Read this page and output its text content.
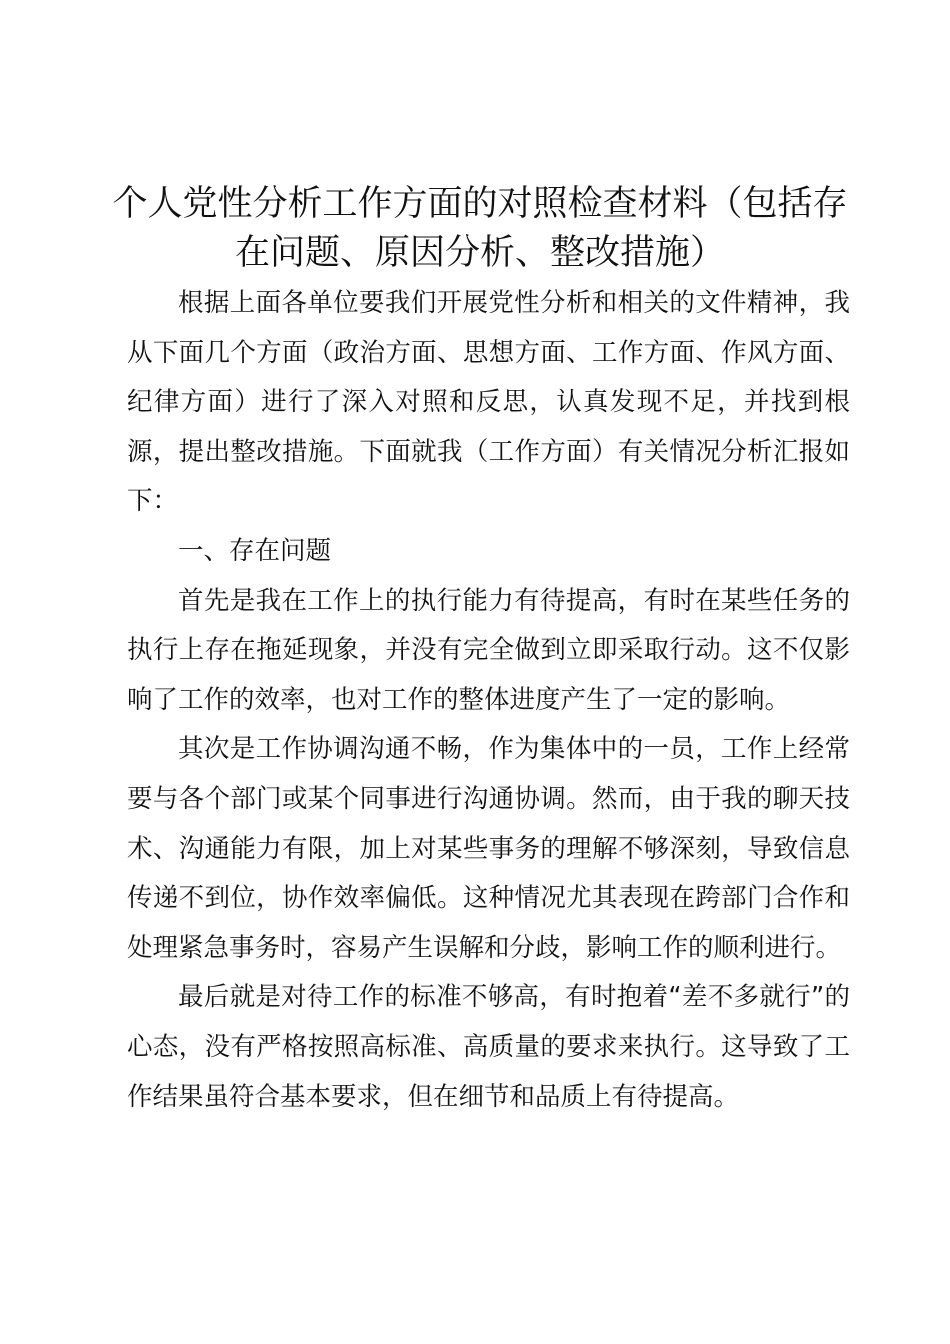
个人党性分析工作方面的对照检查材料（包括存在问题、原因分析、整改措施）

根据上面各单位要我们开展党性分析和相关的文件精神，我从下面几个方面（政治方面、思想方面、工作方面、作风方面、纪律方面）进行了深入对照和反思，认真发现不足，并找到根源，提出整改措施。下面就我（工作方面）有关情况分析汇报如下：

一、存在问题

首先是我在工作上的执行能力有待提高，有时在某些任务的执行上存在拖延现象，并没有完全做到立即采取行动。这不仅影响了工作的效率，也对工作的整体进度产生了一定的影响。

其次是工作协调沟通不畅，作为集体中的一员，工作上经常要与各个部门或某个同事进行沟通协调。然而，由于我的聊天技术、沟通能力有限，加上对某些事务的理解不够深刻，导致信息传递不到位，协作效率偏低。这种情况尤其表现在跨部门合作和处理紧急事务时，容易产生误解和分歧，影响工作的顺利进行。

最后就是对待工作的标准不够高，有时抱着“差不多就行”的心态，没有严格按照高标准、高质量的要求来执行。这导致了工作结果虽符合基本要求，但在细节和品质上有待提高。
